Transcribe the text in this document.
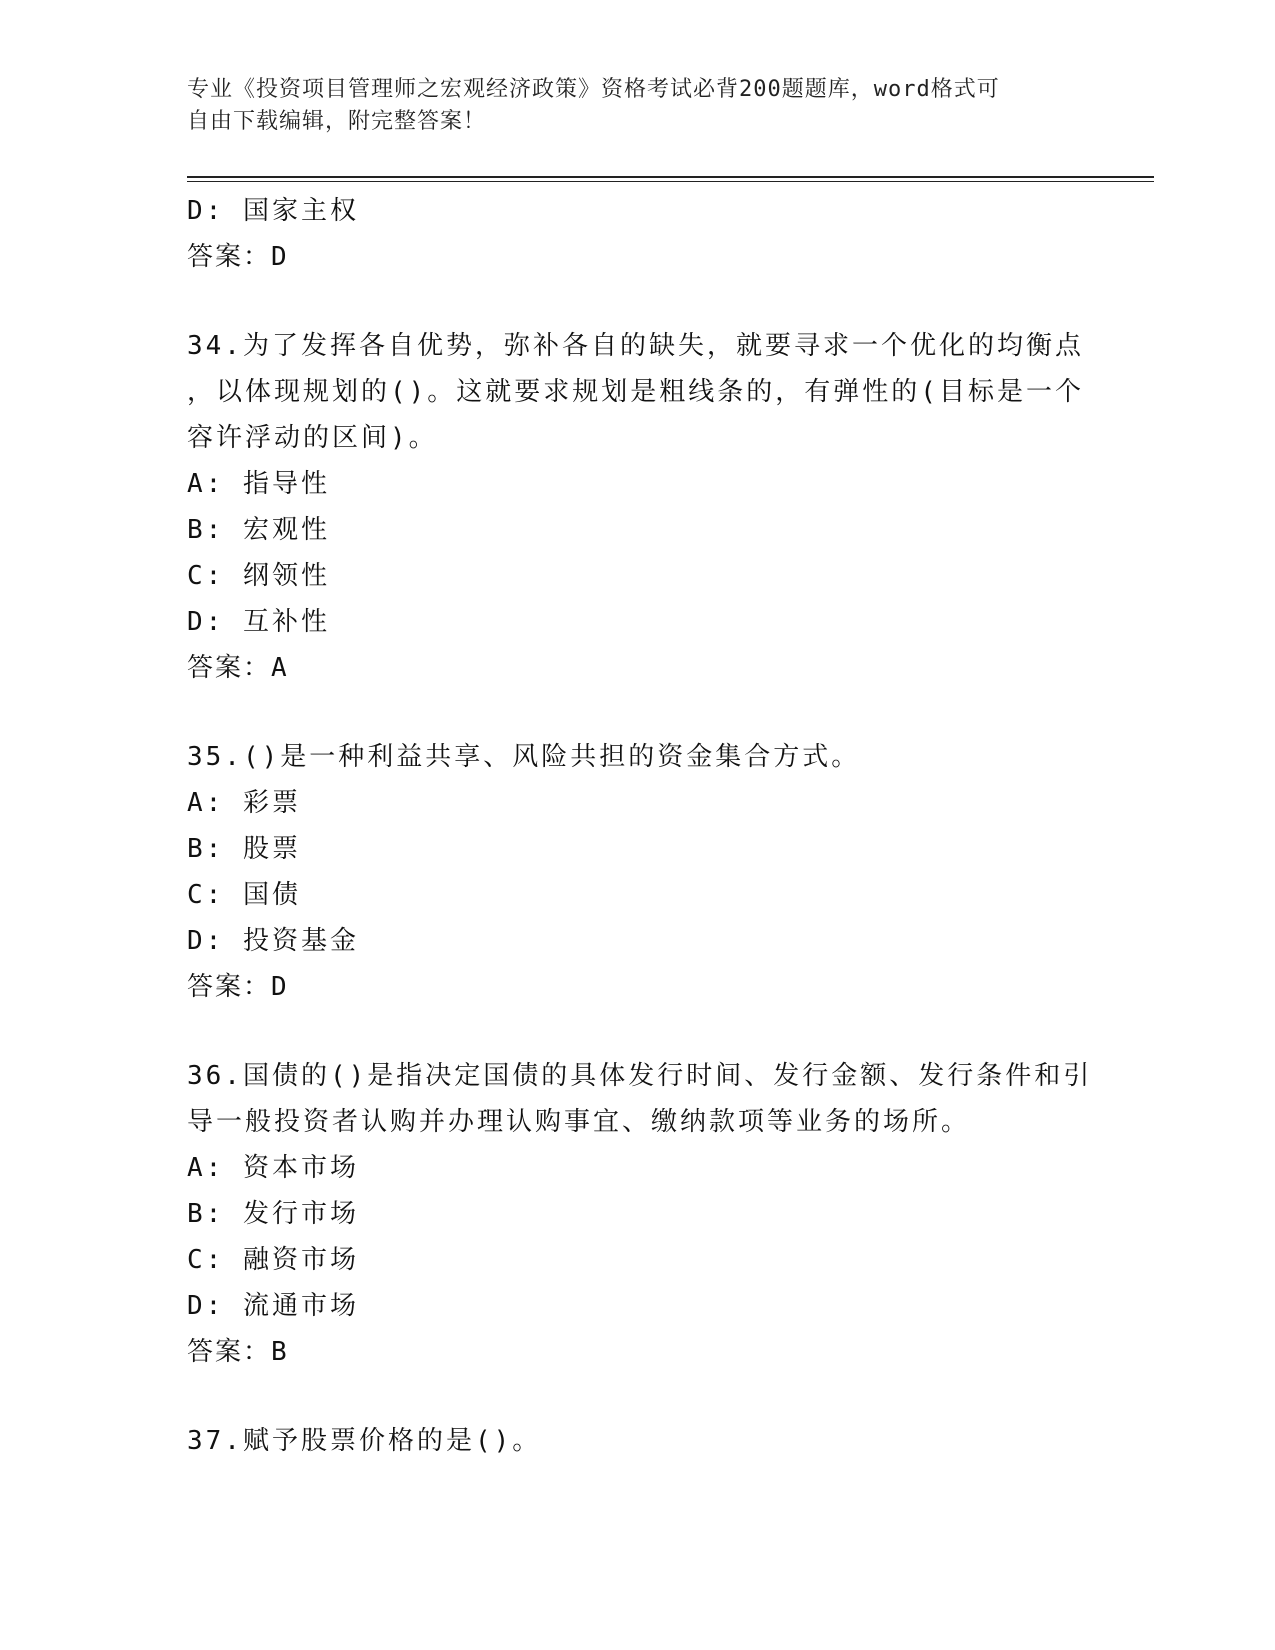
专业《投资项目管理师之宏观经济政策》资格考试必背200题题库，word格式可
自由下载编辑，附完整答案！
D: 国家主权
答案：D
34.为了发挥各自优势，弥补各自的缺失，就要寻求一个优化的均衡点
，以体现规划的()。这就要求规划是粗线条的，有弹性的(目标是一个
容许浮动的区间)。
A: 指导性
B: 宏观性
C: 纲领性
D: 互补性
答案：A
35.()是一种利益共享、风险共担的资金集合方式。
A: 彩票
B: 股票
C: 国债
D: 投资基金
答案：D
36.国债的()是指决定国债的具体发行时间、发行金额、发行条件和引
导一般投资者认购并办理认购事宜、缴纳款项等业务的场所。
A: 资本市场
B: 发行市场
C: 融资市场
D: 流通市场
答案：B
37.赋予股票价格的是()。
